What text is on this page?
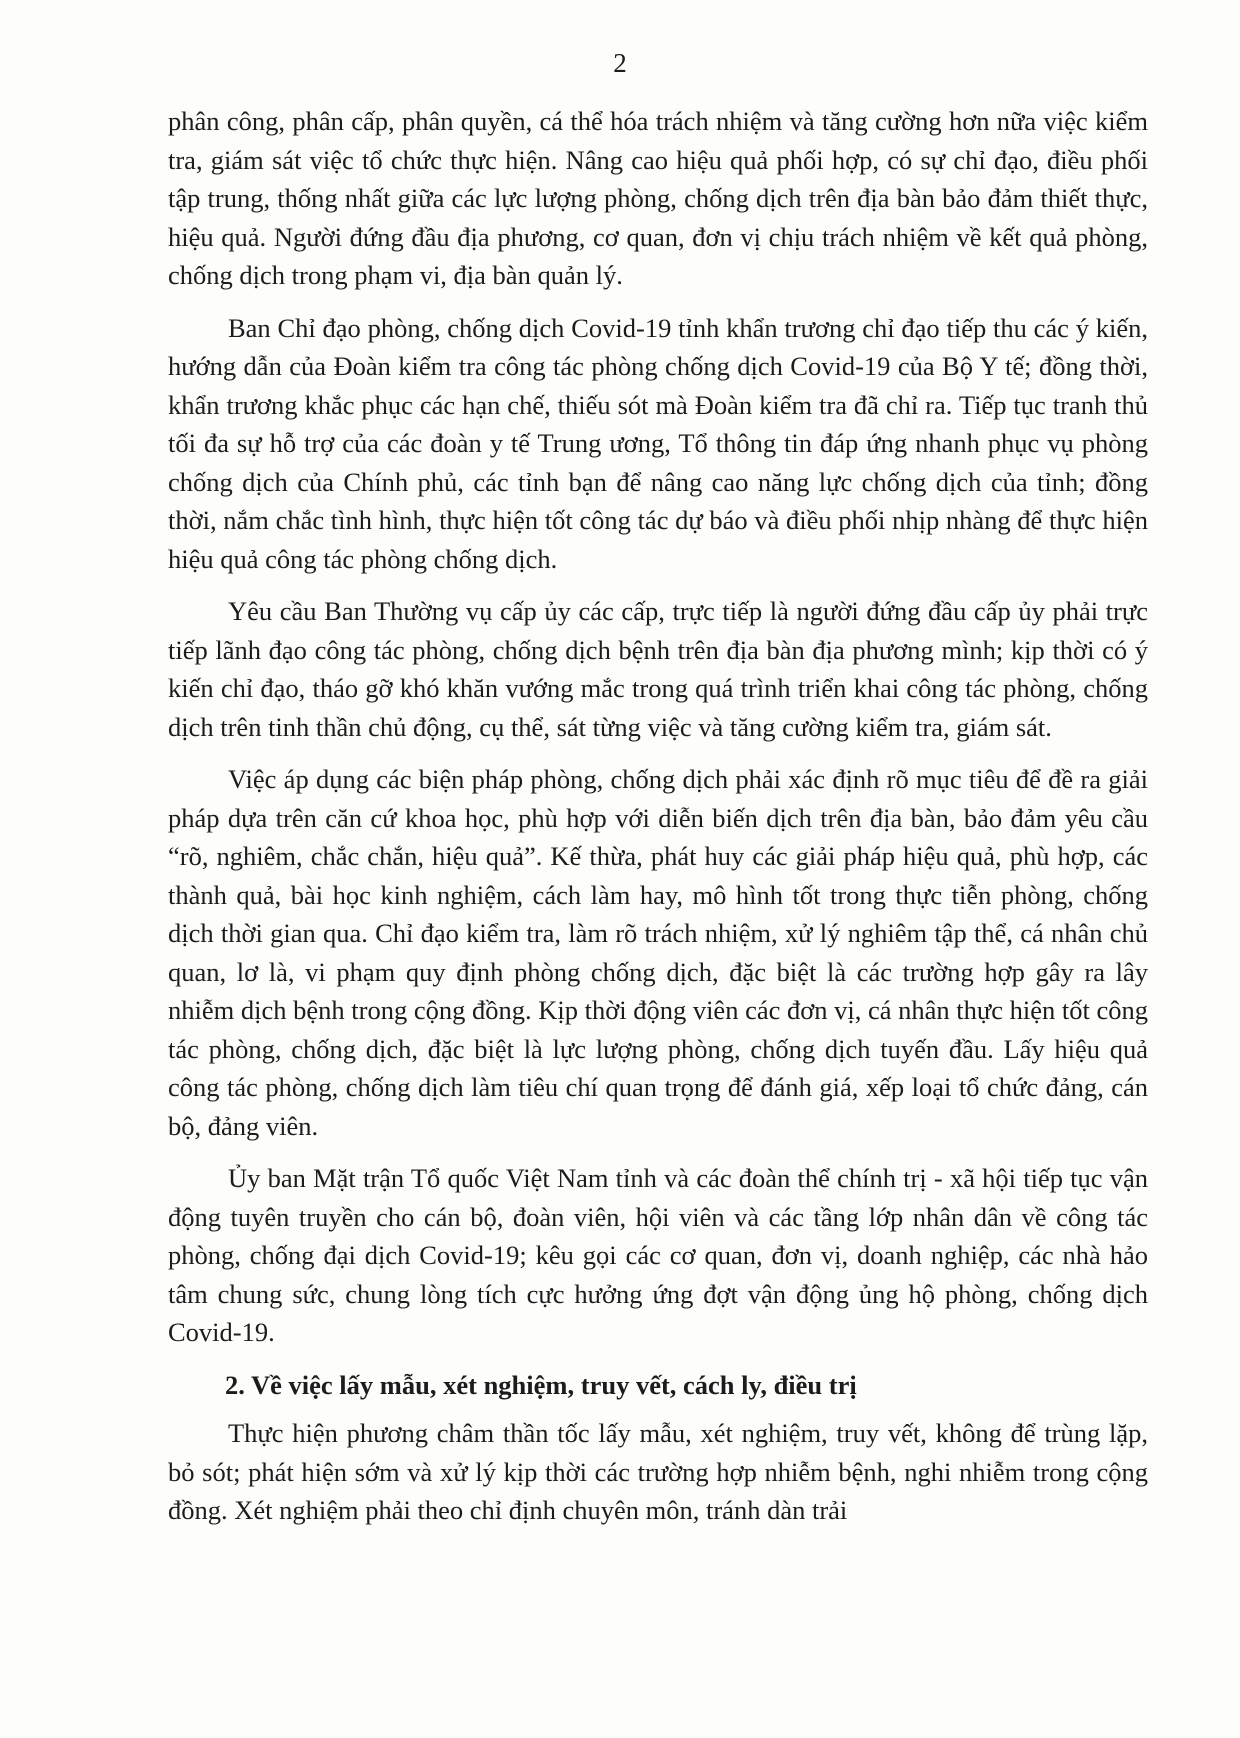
2

phân công, phân cấp, phân quyền, cá thể hóa trách nhiệm và tăng cường hơn nữa việc kiểm tra, giám sát việc tổ chức thực hiện. Nâng cao hiệu quả phối hợp, có sự chỉ đạo, điều phối tập trung, thống nhất giữa các lực lượng phòng, chống dịch trên địa bàn bảo đảm thiết thực, hiệu quả. Người đứng đầu địa phương, cơ quan, đơn vị chịu trách nhiệm về kết quả phòng, chống dịch trong phạm vi, địa bàn quản lý.

Ban Chỉ đạo phòng, chống dịch Covid-19 tỉnh khẩn trương chỉ đạo tiếp thu các ý kiến, hướng dẫn của Đoàn kiểm tra công tác phòng chống dịch Covid-19 của Bộ Y tế; đồng thời, khẩn trương khắc phục các hạn chế, thiếu sót mà Đoàn kiểm tra đã chỉ ra. Tiếp tục tranh thủ tối đa sự hỗ trợ của các đoàn y tế Trung ương, Tổ thông tin đáp ứng nhanh phục vụ phòng chống dịch của Chính phủ, các tỉnh bạn để nâng cao năng lực chống dịch của tỉnh; đồng thời, nắm chắc tình hình, thực hiện tốt công tác dự báo và điều phối nhịp nhàng để thực hiện hiệu quả công tác phòng chống dịch.

Yêu cầu Ban Thường vụ cấp ủy các cấp, trực tiếp là người đứng đầu cấp ủy phải trực tiếp lãnh đạo công tác phòng, chống dịch bệnh trên địa bàn địa phương mình; kịp thời có ý kiến chỉ đạo, tháo gỡ khó khăn vướng mắc trong quá trình triển khai công tác phòng, chống dịch trên tinh thần chủ động, cụ thể, sát từng việc và tăng cường kiểm tra, giám sát.

Việc áp dụng các biện pháp phòng, chống dịch phải xác định rõ mục tiêu để đề ra giải pháp dựa trên căn cứ khoa học, phù hợp với diễn biến dịch trên địa bàn, bảo đảm yêu cầu “rõ, nghiêm, chắc chắn, hiệu quả”. Kế thừa, phát huy các giải pháp hiệu quả, phù hợp, các thành quả, bài học kinh nghiệm, cách làm hay, mô hình tốt trong thực tiễn phòng, chống dịch thời gian qua. Chỉ đạo kiểm tra, làm rõ trách nhiệm, xử lý nghiêm tập thể, cá nhân chủ quan, lơ là, vi phạm quy định phòng chống dịch, đặc biệt là các trường hợp gây ra lây nhiễm dịch bệnh trong cộng đồng. Kịp thời động viên các đơn vị, cá nhân thực hiện tốt công tác phòng, chống dịch, đặc biệt là lực lượng phòng, chống dịch tuyến đầu. Lấy hiệu quả công tác phòng, chống dịch làm tiêu chí quan trọng để đánh giá, xếp loại tổ chức đảng, cán bộ, đảng viên.

Ủy ban Mặt trận Tổ quốc Việt Nam tỉnh và các đoàn thể chính trị - xã hội tiếp tục vận động tuyên truyền cho cán bộ, đoàn viên, hội viên và các tầng lớp nhân dân về công tác phòng, chống đại dịch Covid-19; kêu gọi các cơ quan, đơn vị, doanh nghiệp, các nhà hảo tâm chung sức, chung lòng tích cực hưởng ứng đợt vận động ủng hộ phòng, chống dịch Covid-19.

2. Về việc lấy mẫu, xét nghiệm, truy vết, cách ly, điều trị

Thực hiện phương châm thần tốc lấy mẫu, xét nghiệm, truy vết, không để trùng lặp, bỏ sót; phát hiện sớm và xử lý kịp thời các trường hợp nhiễm bệnh, nghi nhiễm trong cộng đồng. Xét nghiệm phải theo chỉ định chuyên môn, tránh dàn trải
